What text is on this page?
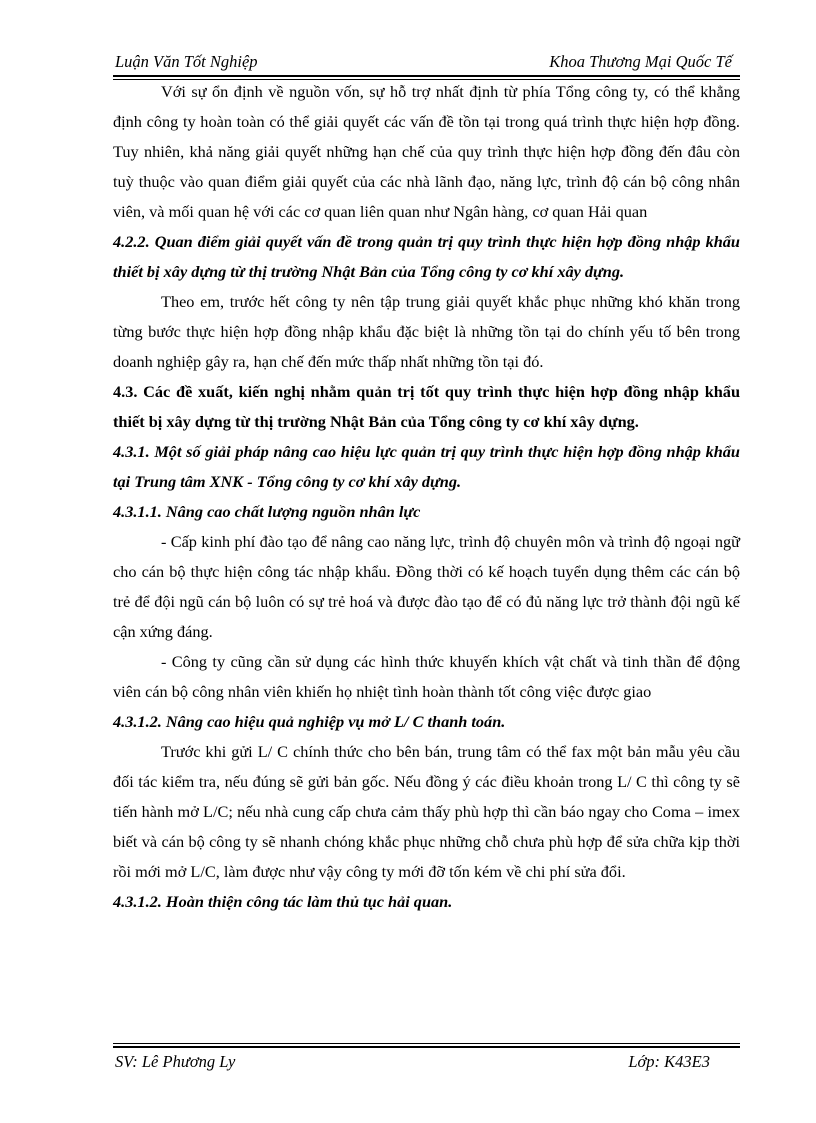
Luận Văn Tốt Nghiệp	Khoa Thương Mại Quốc Tế

Với sự ổn định về nguồn vốn, sự hỗ trợ nhất định từ phía Tổng công ty, có thể khẳng định công ty hoàn toàn có thể giải quyết các vấn đề tồn tại trong quá trình thực hiện hợp đồng. Tuy nhiên, khả năng giải quyết những hạn chế của quy trình thực hiện hợp đồng đến đâu còn tuỳ thuộc vào quan điểm giải quyết của các nhà lãnh đạo, năng lực, trình độ cán bộ công nhân viên, và mối quan hệ với các cơ quan liên quan như Ngân hàng, cơ quan Hải quan

4.2.2. Quan điểm giải quyết vấn đề trong quản trị quy trình thực hiện hợp đồng nhập khẩu thiết bị xây dựng từ thị trường Nhật Bản của Tổng công ty cơ khí xây dựng.

Theo em, trước hết công ty nên tập trung giải quyết khắc phục những khó khăn trong từng bước thực hiện hợp đồng nhập khẩu đặc biệt là những tồn tại do chính yếu tố bên trong doanh nghiệp gây ra, hạn chế đến mức thấp nhất những tồn tại đó.

4.3. Các đề xuất, kiến nghị nhằm quản trị tốt quy trình thực hiện hợp đồng nhập khẩu thiết bị xây dựng từ thị trường Nhật Bản của Tổng công ty cơ khí xây dựng.

4.3.1. Một số giải pháp nâng cao hiệu lực quản trị quy trình thực hiện hợp đồng nhập khẩu tại Trung tâm XNK - Tổng công ty cơ khí xây dựng.

4.3.1.1. Nâng cao chất lượng nguồn nhân lực

- Cấp kinh phí đào tạo để nâng cao năng lực, trình độ chuyên môn và trình độ ngoại ngữ cho cán bộ thực hiện công tác nhập khẩu. Đồng thời có kế hoạch tuyển dụng thêm các cán bộ trẻ để đội ngũ cán bộ luôn có sự trẻ hoá và được đào tạo để có đủ năng lực trở thành đội ngũ kế cận xứng đáng.

- Công ty cũng cần sử dụng các hình thức khuyến khích vật chất và tinh thần để động viên cán bộ công nhân viên khiến họ nhiệt tình hoàn thành tốt công việc được giao

4.3.1.2. Nâng cao hiệu quả nghiệp vụ mở L/ C thanh toán.

Trước khi gửi L/ C chính thức cho bên bán, trung tâm có thể fax một bản mẫu yêu cầu đối tác kiểm tra, nếu đúng sẽ gửi bản gốc. Nếu đồng ý các điều khoản trong L/ C thì công ty sẽ tiến hành mở L/C; nếu nhà cung cấp chưa cảm thấy phù hợp thì cần báo ngay cho Coma – imex biết và cán bộ công ty sẽ nhanh chóng khắc phục những chỗ chưa phù hợp để sửa chữa kịp thời rồi mới mở L/C, làm được như vậy công ty mới đỡ tốn kém về chi phí sửa đổi.

4.3.1.2. Hoàn thiện công tác làm thủ tục hải quan.

SV: Lê Phương Ly	Lớp: K43E3
